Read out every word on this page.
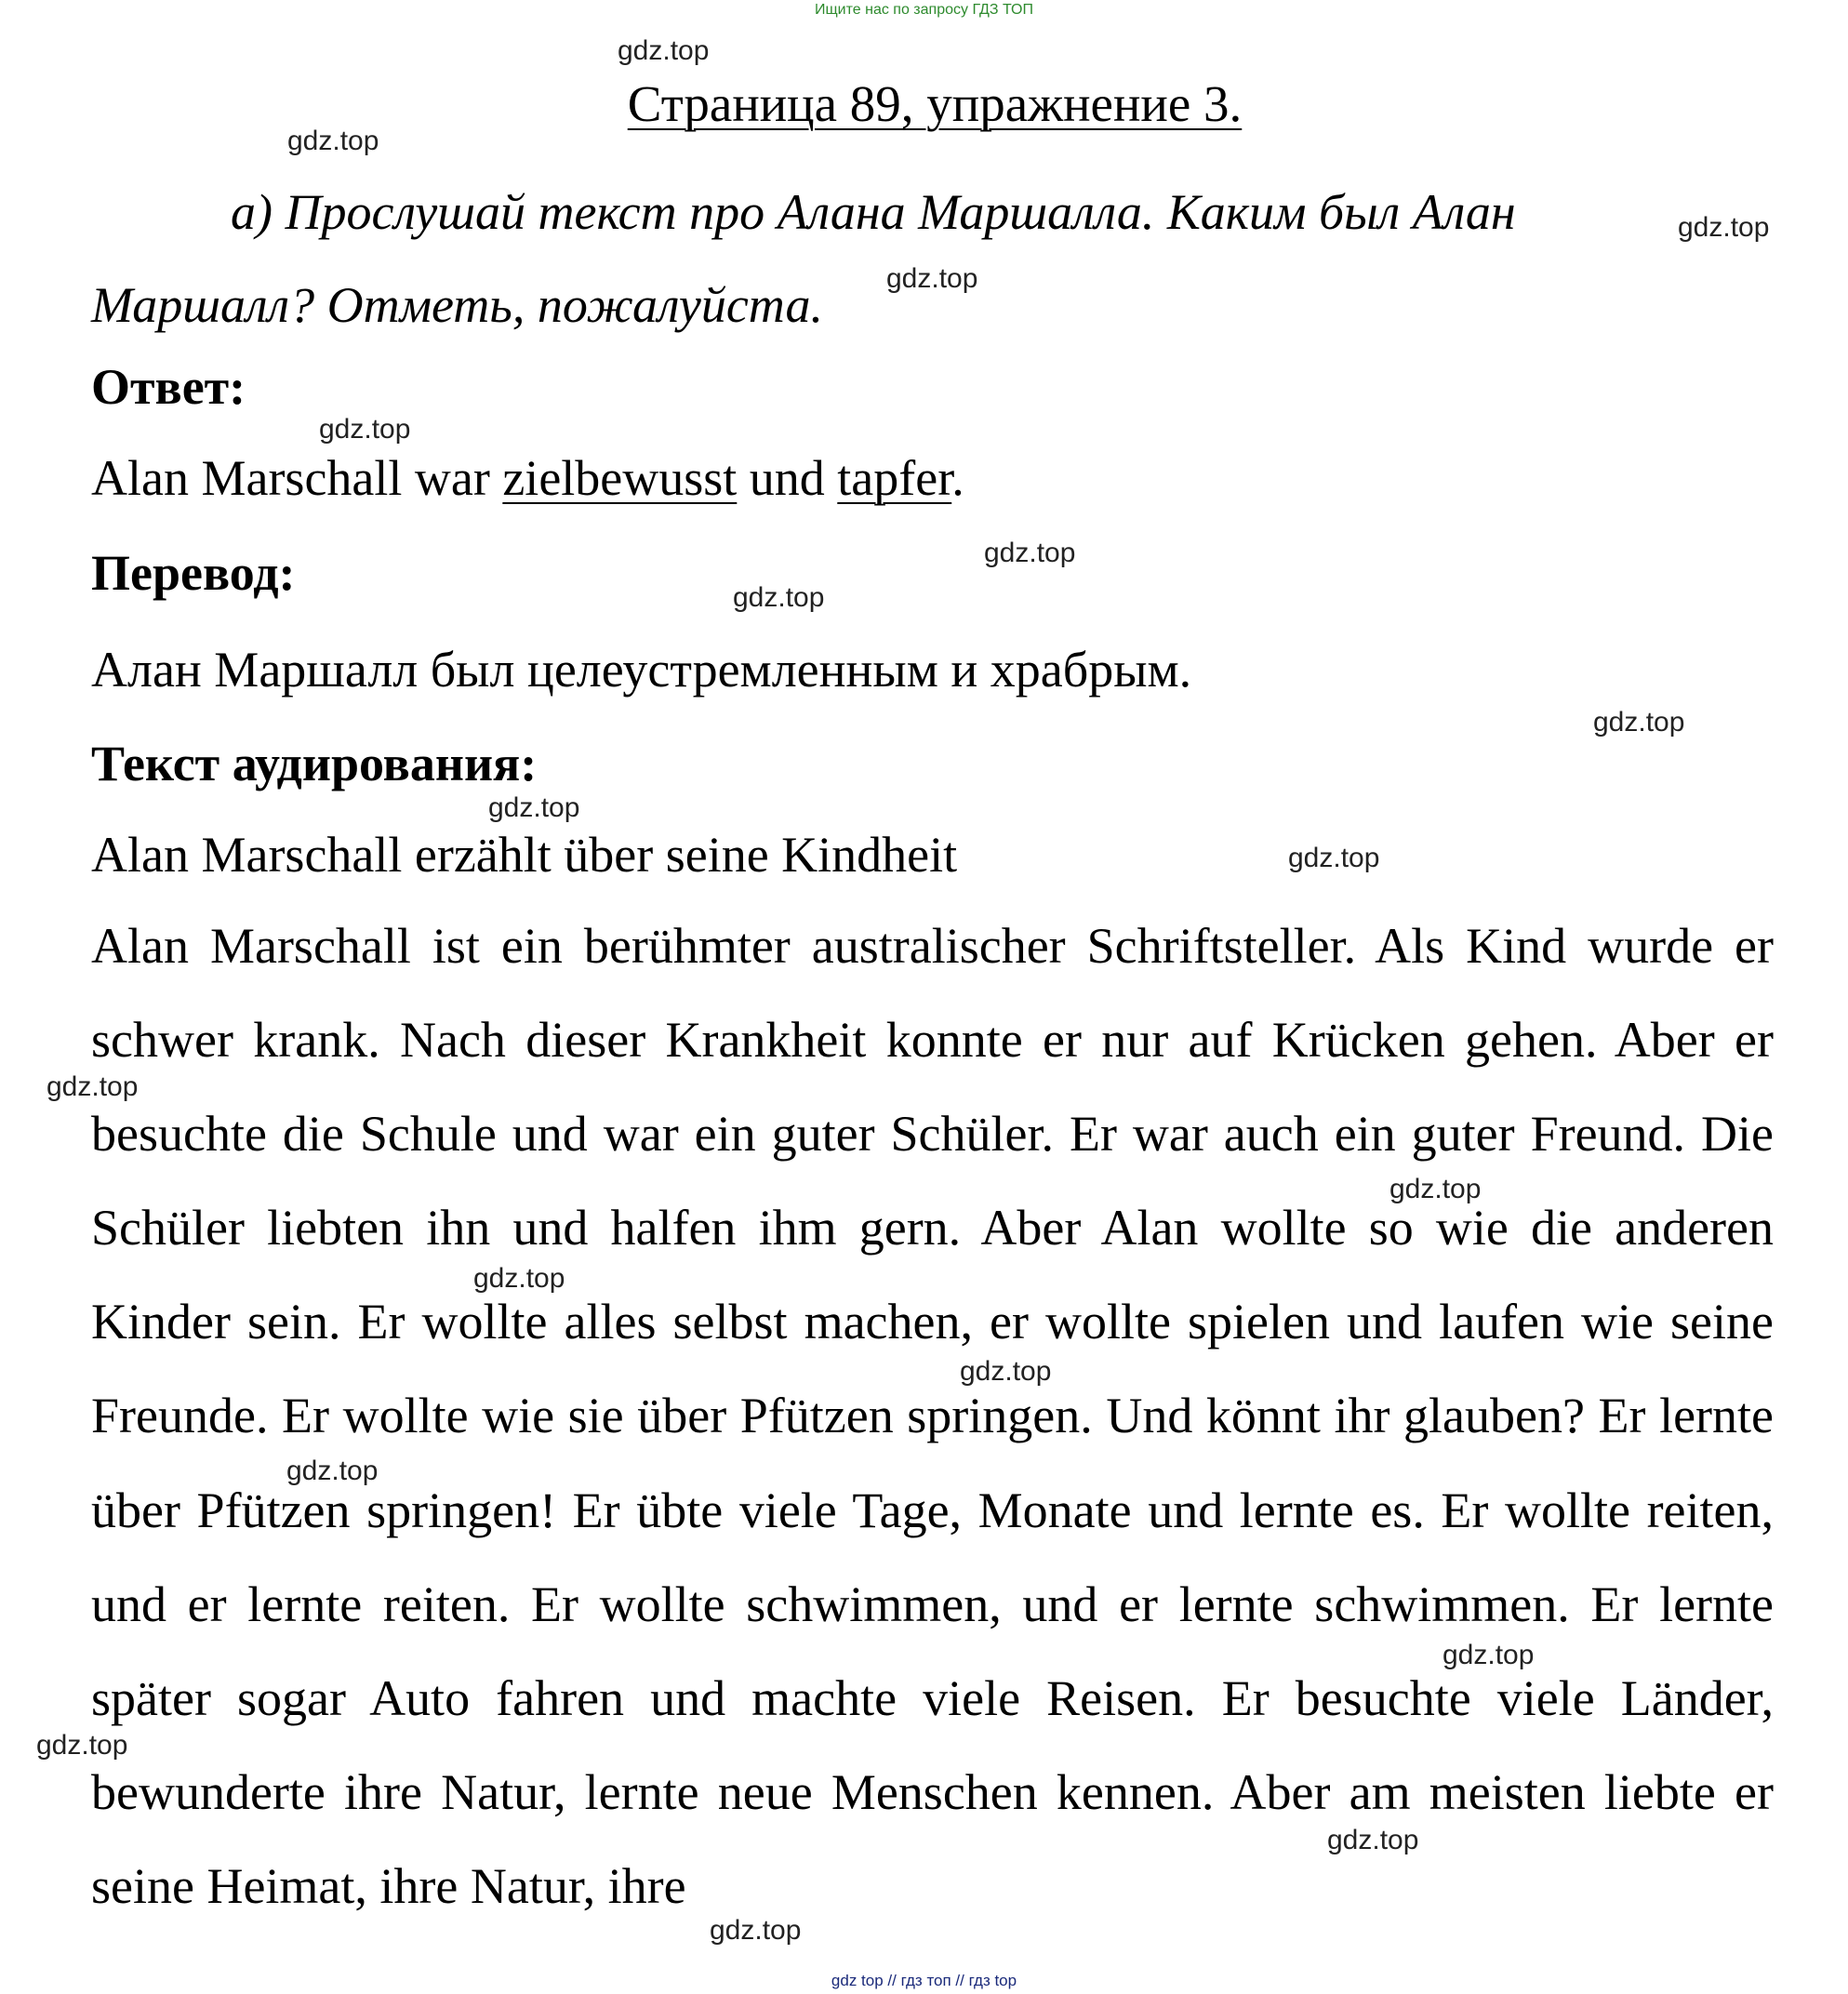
Ищите нас по запросу ГДЗ ТОП
Страница 89, упражнение 3.

а) Прослушай текст про Алана Маршалла. Каким был Алан Маршалл? Отметь, пожалуйста.

Ответ:

Alan Marschall war zielbewusst und tapfer.

Перевод:

Алан Маршалл был целеустремленным и храбрым.

Текст аудирования:

Alan Marschall erzählt über seine Kindheit

Alan Marschall ist ein berühmter australischer Schriftsteller. Als Kind wurde er schwer krank. Nach dieser Krankheit konnte er nur auf Krücken gehen. Aber er besuchte die Schule und war ein guter Schüler. Er war auch ein guter Freund. Die Schüler liebten ihn und halfen ihm gern. Aber Alan wollte so wie die anderen Kinder sein. Er wollte alles selbst machen, er wollte spielen und laufen wie seine Freunde. Er wollte wie sie über Pfützen springen. Und könnt ihr glauben? Er lernte über Pfützen springen! Er übte viele Tage, Monate und lernte es. Er wollte reiten, und er lernte reiten. Er wollte schwimmen, und er lernte schwimmen. Er lernte später sogar Auto fahren und machte viele Reisen. Er besuchte viele Länder, bewunderte ihre Natur, lernte neue Menschen kennen. Aber am meisten liebte er seine Heimat, ihre Natur, ihre

gdz.top
gdz.top
gdz.top
gdz.top
gdz.top
gdz.top
gdz.top
gdz.top
gdz.top
gdz.top
gdz.top
gdz.top
gdz.top
gdz.top
gdz.top
gdz.top
gdz.top
gdz.top
gdz.top
gdz top // гдз топ // гдз top
